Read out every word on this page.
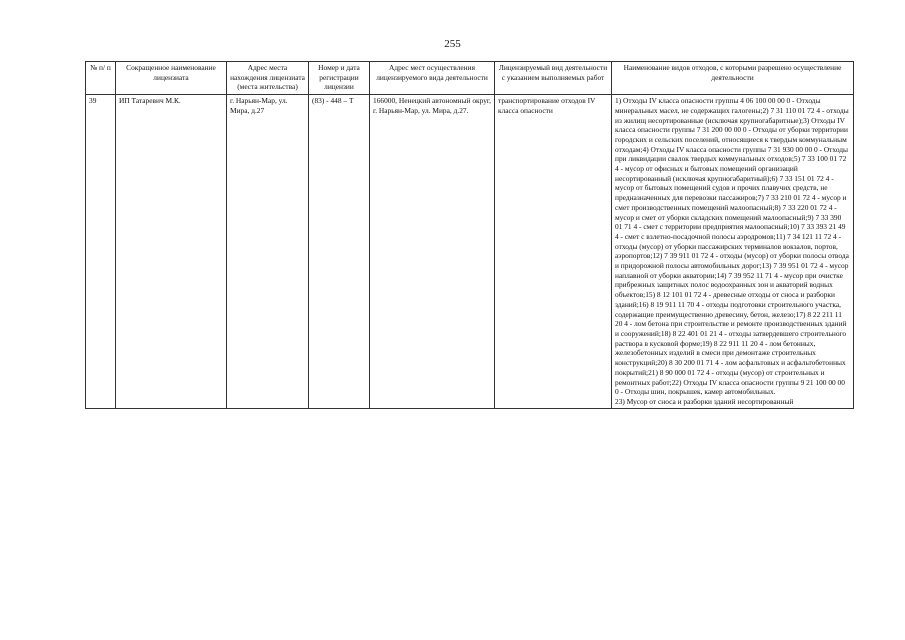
255
№ п/ п	Сокращенное наименование лицензиата	Адрес места нахождения лицензиата (места жительства)	Номер и дата регистрации лицензии	Адрес мест осуществления лицензируемого вида деятельности	Лицензируемый вид деятельности с указанием выполняемых работ	Наименование видов отходов, с которыми разрешено осуществление деятельности
39	ИП Татаревич М.К.	г. Нарьян-Мар, ул. Мира, д.27	(83) - 448 – Т	166000, Ненецкий автономный округ, г. Нарьян-Мар, ул. Мира, д.27.	транспортирование отходов IV класса опасности	1) Отходы IV класса опасности группы 4 06 100 00 00 0 - Отходы минеральных масел, не содержащих галогены;2) 7 31 110 01 72 4 - отходы из жилищ несортированные (исключая крупногабаритные);3) Отходы IV класса опасности группы 7 31 200 00 00 0 - Отходы от уборки территории городских и сельских поселений, относящиеся к твердым коммунальным отходам;4) Отходы IV класса опасности группы 7 31 930 00 00 0 - Отходы при ликвидации свалок твердых коммунальных отходов;5) 7 33 100 01 72 4 - мусор от офисных и бытовых помещений организаций несортированный (исключая крупногабаритный);6) 7 33 151 01 72 4 - мусор от бытовых помещений судов и прочих плавучих средств, не предназначенных для перевозки пассажиров;7) 7 33 210 01 72 4 - мусор и смет производственных помещений малоопасный;8) 7 33 220 01 72 4 - мусор и смет от уборки складских помещений малоопасный;9) 7 33 390 01 71 4 - смет с территории предприятия малоопасный;10) 7 33 393 21 49 4 - смет с взлетно-посадочной полосы аэродромов;11) 7 34 121 11 72 4 - отходы (мусор) от уборки пассажирских терминалов вокзалов, портов, аэропортов;12) 7 39 911 01 72 4 - отходы (мусор) от уборки полосы отвода и придорожной полосы автомобильных дорог;13) 7 39 951 01 72 4 - мусор наплавной от уборки акватории;14) 7 39 952 11 71 4 - мусор при очистке прибрежных защитных полос водоохранных зон и акваторий водных объектов;15) 8 12 101 01 72 4 - древесные отходы от сноса и разборки зданий;16) 8 19 911 11 70 4 - отходы подготовки строительного участка, содержащие преимущественно древесину, бетон, железо;17) 8 22 211 11 20 4 - лом бетона при строительстве и ремонте производственных зданий и сооружений;18) 8 22 401 01 21 4 - отходы затвердевшего строительного раствора в кусковой форме;19) 8 22 911 11 20 4 - лом бетонных, железобетонных изделий в смеси при демонтаже строительных конструкций;20) 8 30 200 01 71 4 - лом асфальтовых и асфальтобетонных покрытий;21) 8 90 000 01 72 4 - отходы (мусор) от строительных и ремонтных работ;22) Отходы IV класса опасности группы 9 21 100 00 00 0 - Отходы шин, покрышек, камер автомобильных.
23) Мусор от сноса и разборки зданий несортированный
